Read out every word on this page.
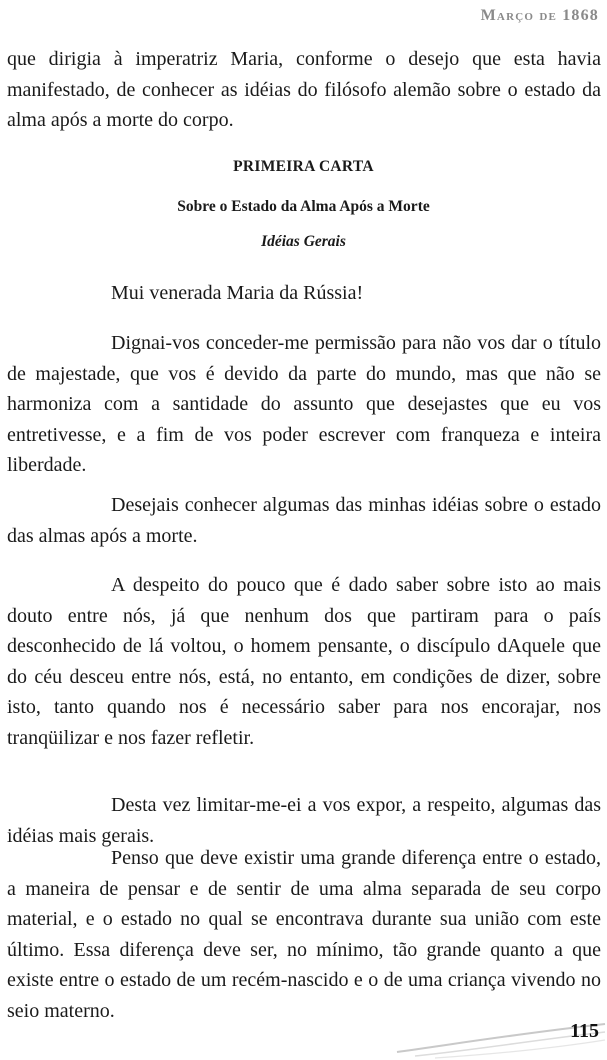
Março de 1868
que dirigia à imperatriz Maria, conforme o desejo que esta havia manifestado, de conhecer as idéias do filósofo alemão sobre o estado da alma após a morte do corpo.
PRIMEIRA CARTA
Sobre o Estado da Alma Após a Morte
Idéias Gerais
Mui venerada Maria da Rússia!
Dignai-vos conceder-me permissão para não vos dar o título de majestade, que vos é devido da parte do mundo, mas que não se harmoniza com a santidade do assunto que desejastes que eu vos entretivesse, e a fim de vos poder escrever com franqueza e inteira liberdade.
Desejais conhecer algumas das minhas idéias sobre o estado das almas após a morte.
A despeito do pouco que é dado saber sobre isto ao mais douto entre nós, já que nenhum dos que partiram para o país desconhecido de lá voltou, o homem pensante, o discípulo dAquele que do céu desceu entre nós, está, no entanto, em condições de dizer, sobre isto, tanto quando nos é necessário saber para nos encorajar, nos tranqüilizar e nos fazer refletir.
Desta vez limitar-me-ei a vos expor, a respeito, algumas das idéias mais gerais.
Penso que deve existir uma grande diferença entre o estado, a maneira de pensar e de sentir de uma alma separada de seu corpo material, e o estado no qual se encontrava durante sua união com este último. Essa diferença deve ser, no mínimo, tão grande quanto a que existe entre o estado de um recém-nascido e o de uma criança vivendo no seio materno.
115
